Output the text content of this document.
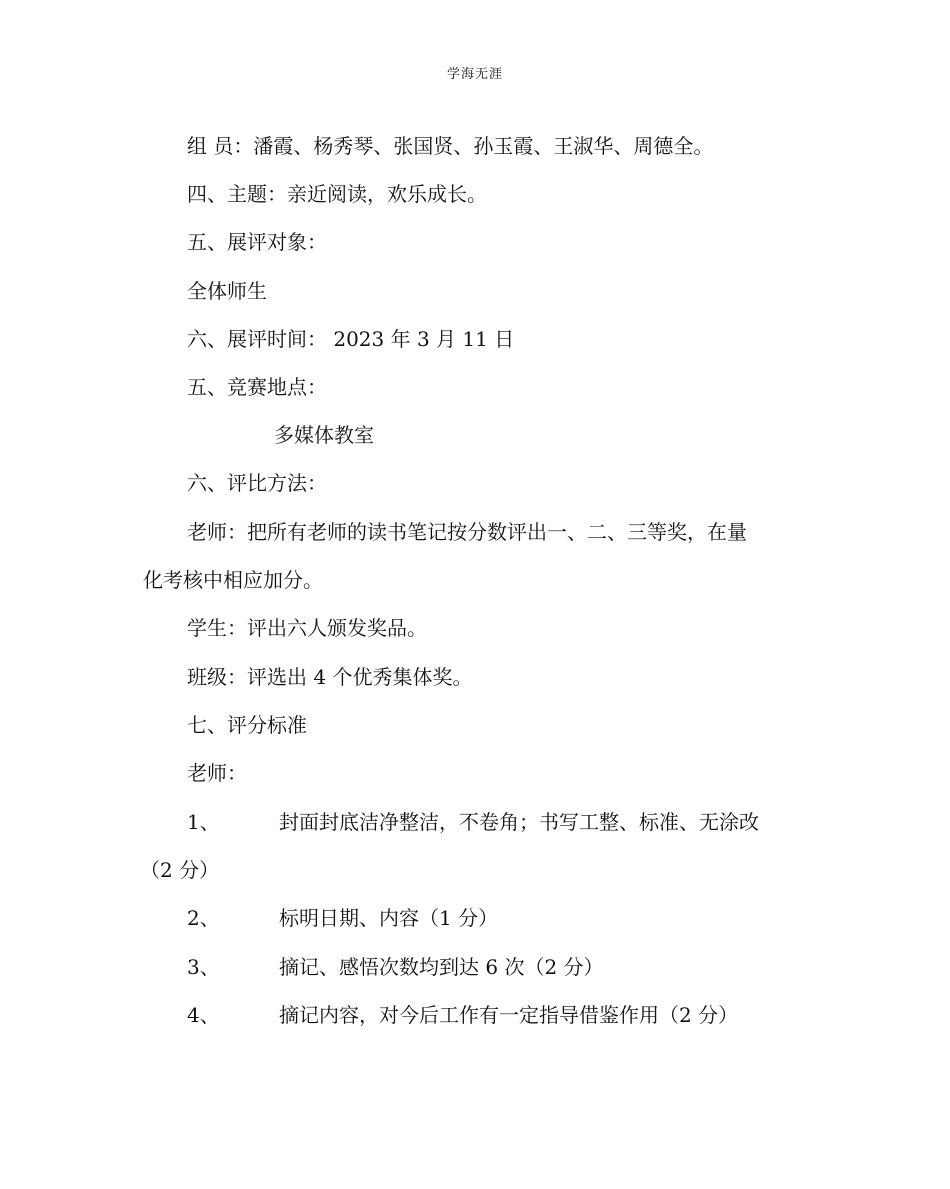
学海无涯
组 员：潘霞、杨秀琴、张国贤、孙玉霞、王淑华、周德全。
四、主题：亲近阅读，欢乐成长。
五、展评对象：
全体师生
六、展评时间： 2023 年 3 月 11 日
五、竞赛地点：
多媒体教室
六、评比方法：
老师：把所有老师的读书笔记按分数评出一、二、三等奖，在量
化考核中相应加分。
学生：评出六人颁发奖品。
班级：评选出 4 个优秀集体奖。
七、评分标准
老师：
1、	封面封底洁净整洁，不卷角；书写工整、标准、无涂改
（2 分）
2、	标明日期、内容（1 分）
3、	摘记、感悟次数均到达 6 次（2 分）
4、	摘记内容，对今后工作有一定指导借鉴作用（2 分）
